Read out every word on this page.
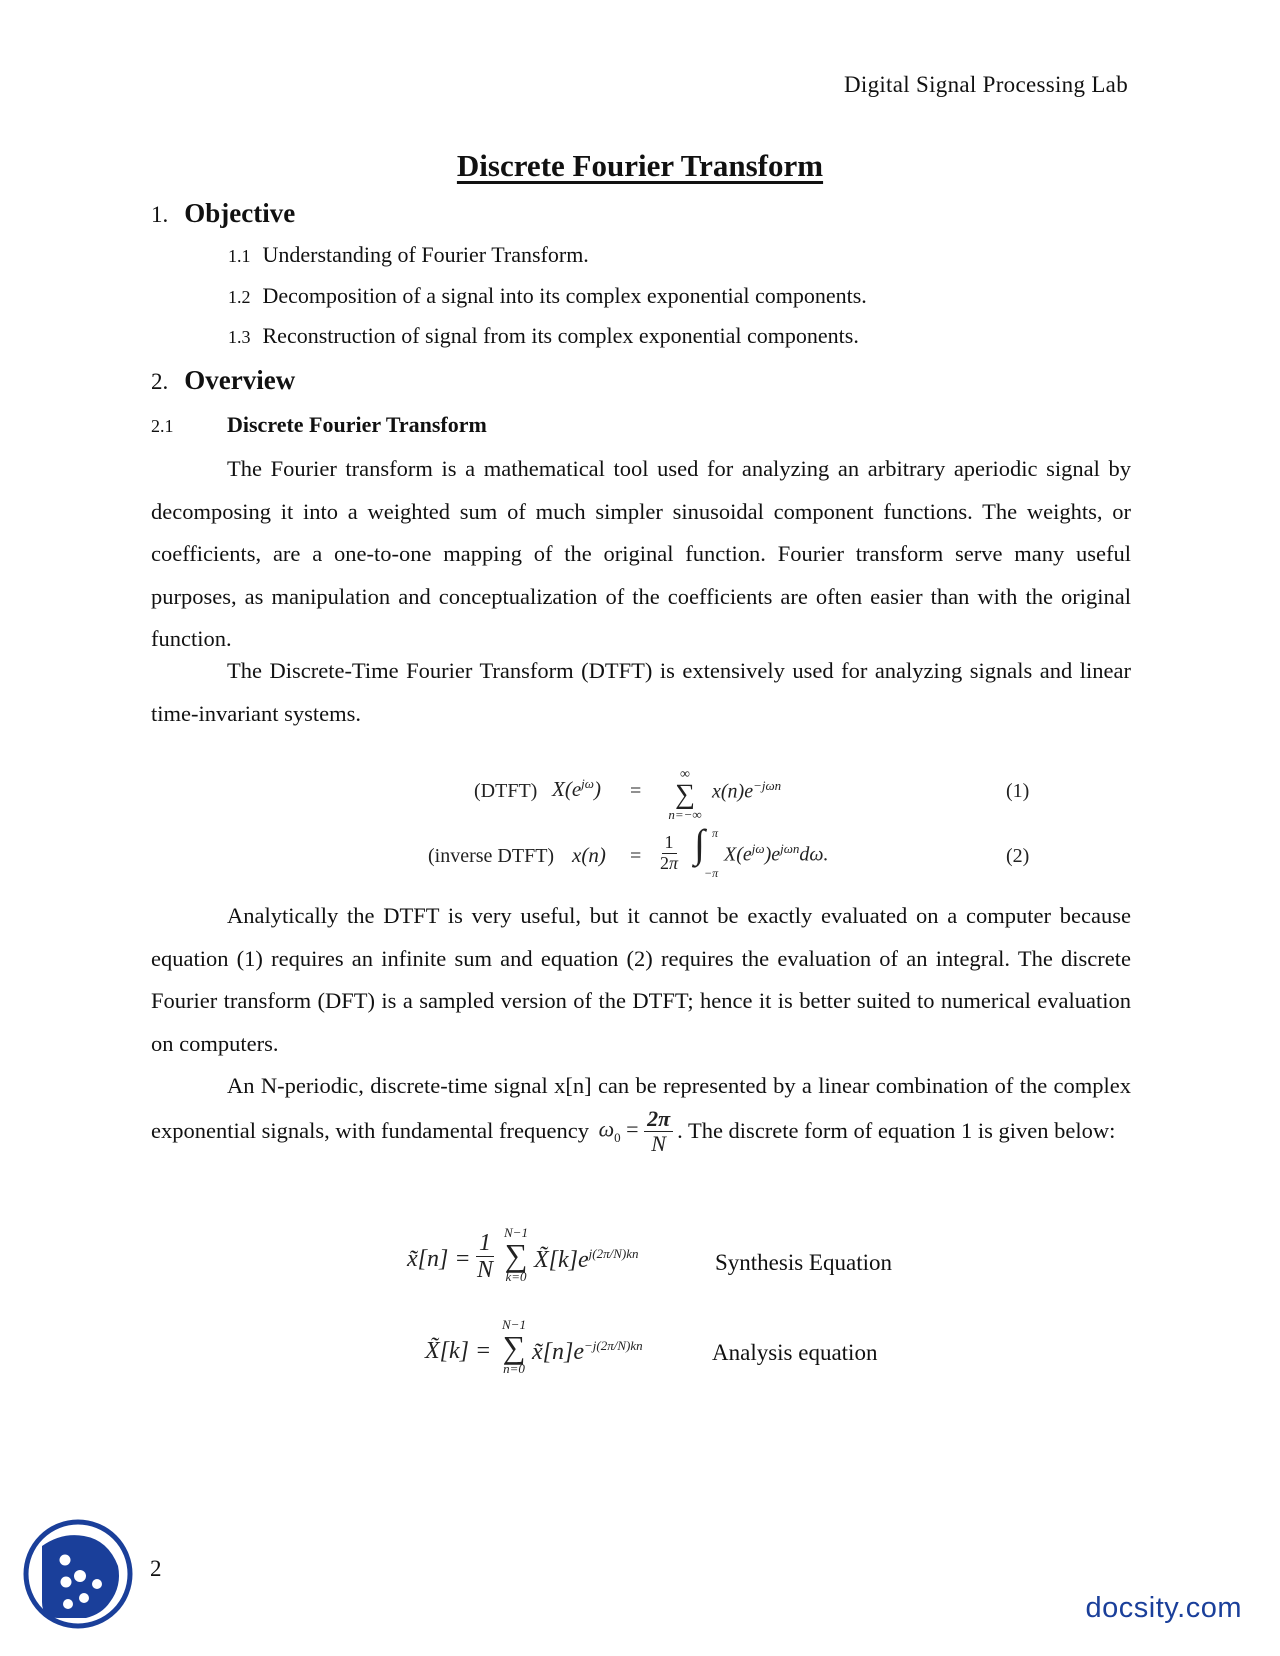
Digital Signal Processing Lab
Discrete Fourier Transform
1. Objective
1.1 Understanding of Fourier Transform.
1.2 Decomposition of a signal into its complex exponential components.
1.3 Reconstruction of signal from its complex exponential components.
2. Overview
2.1 Discrete Fourier Transform
The Fourier transform is a mathematical tool used for analyzing an arbitrary aperiodic signal by decomposing it into a weighted sum of much simpler sinusoidal component functions. The weights, or coefficients, are a one-to-one mapping of the original function. Fourier transform serve many useful purposes, as manipulation and conceptualization of the coefficients are often easier than with the original function.
The Discrete-Time Fourier Transform (DTFT) is extensively used for analyzing signals and linear time-invariant systems.
(DTFT) $X(e^{j\omega})$ =
∞
∑
n=−∞
$x(n)e^{-j\omega n}$	(1)
(inverse DTFT) $x(n) = \frac{1}{2\pi}$ ∫ π
−π
$X(e^{j\omega})e^{j\omega n}d\omega$.	(2)
Analytically the DTFT is very useful, but it cannot be exactly evaluated on a computer because equation (1) requires an infinite sum and equation (2) requires the evaluation of an integral. The discrete Fourier transform (DFT) is a sampled version of the DTFT; hence it is better suited to numerical evaluation on computers.
An N-periodic, discrete-time signal x[n] can be represented by a linear combination of the complex exponential signals, with fundamental frequency $\omega_0 = \frac{2\pi}{N}$ . The discrete form of equation 1 is given below:
x̃[n] = $\frac{1}{N} N-1$
∑
k=0
$X̃[k]e^{j(2\pi/N)kn}$	Synthesis Equation
X̃[k] =
N−1
∑
n=0
$x̃[n]e^{-j(2\pi/N)kn}$	Analysis equation
2
docsity.com
